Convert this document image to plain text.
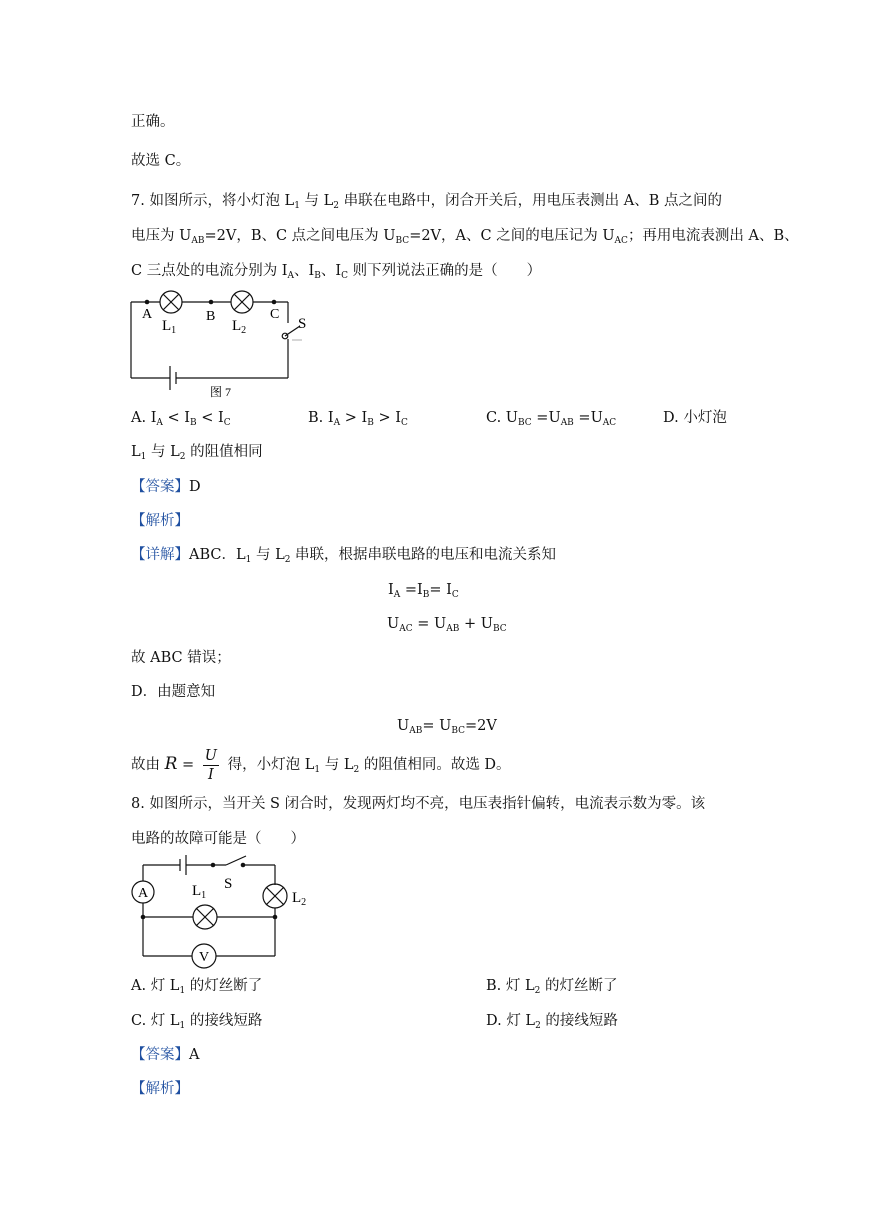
正确。
故选 C。
7. 如图所示，将小灯泡 $L_1$ 与 $L_2$ 串联在电路中，闭合开关后，用电压表测出 A、B 点之间的
电压为 $U_{AB}=2V$，B、C 点之间电压为 $U_{BC}=2V$，A、C 之间的电压记为 $U_{AC}$；再用电流表测出 A、B、
C 三点处的电流分别为 $I_A$、$I_B$、$I_C$ 则下列说法正确的是（　　）
A	B	C
$L_1$	$L_2$	S
图 7
A. $I_A < I_B < I_C$	B. $I_A > I_B > I_C$	C. $U_{BC} =U_{AB} =U_{AC}$	D. 小灯泡
$L_1$ 与 $L_2$ 的阻值相同
【答案】D
【解析】
【详解】ABC．$L_1$ 与 $L_2$ 串联，根据串联电路的电压和电流关系知
$I_A =I_B= I_C$
$U_{AC} = U_{AB} + U_{BC}$
故 ABC 错误；
D．由题意知
$U_{AB}= U_{BC}=2V$
故由 $R = \frac{U}{I}$ 得，小灯泡 $L_1$ 与 $L_2$ 的阻值相同。故选 D。
8. 如图所示，当开关 S 闭合时，发现两灯均不亮，电压表指针偏转，电流表示数为零。该
电路的故障可能是（　　）
A	$L_1$
S
$L_2$
V
A. 灯 $L_1$ 的灯丝断了	B. 灯 $L_2$ 的灯丝断了
C. 灯 $L_1$ 的接线短路	D. 灯 $L_2$ 的接线短路
【答案】A
【解析】
